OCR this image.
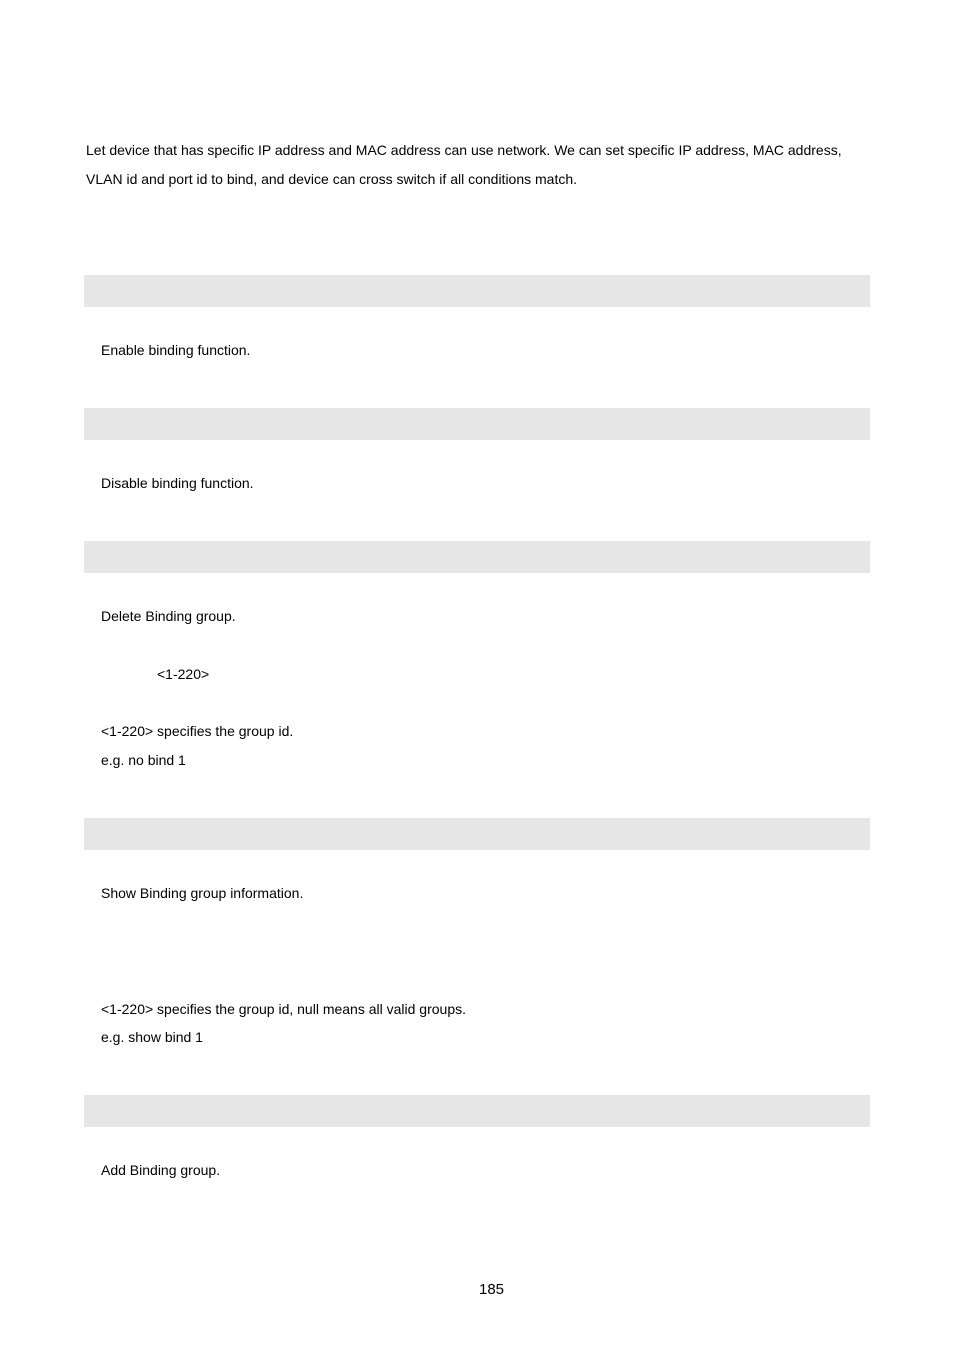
Let device that has specific IP address and MAC address can use network. We can set specific IP address, MAC address,

VLAN id and port id to bind, and device can cross switch if all conditions match.

Enable binding function.
Disable binding function.
Delete Binding group.
<1-220>
<1-220> specifies the group id.
e.g. no bind 1
Show Binding group information.
<1-220> specifies the group id, null means all valid groups.
e.g. show bind 1
Add Binding group.
185
